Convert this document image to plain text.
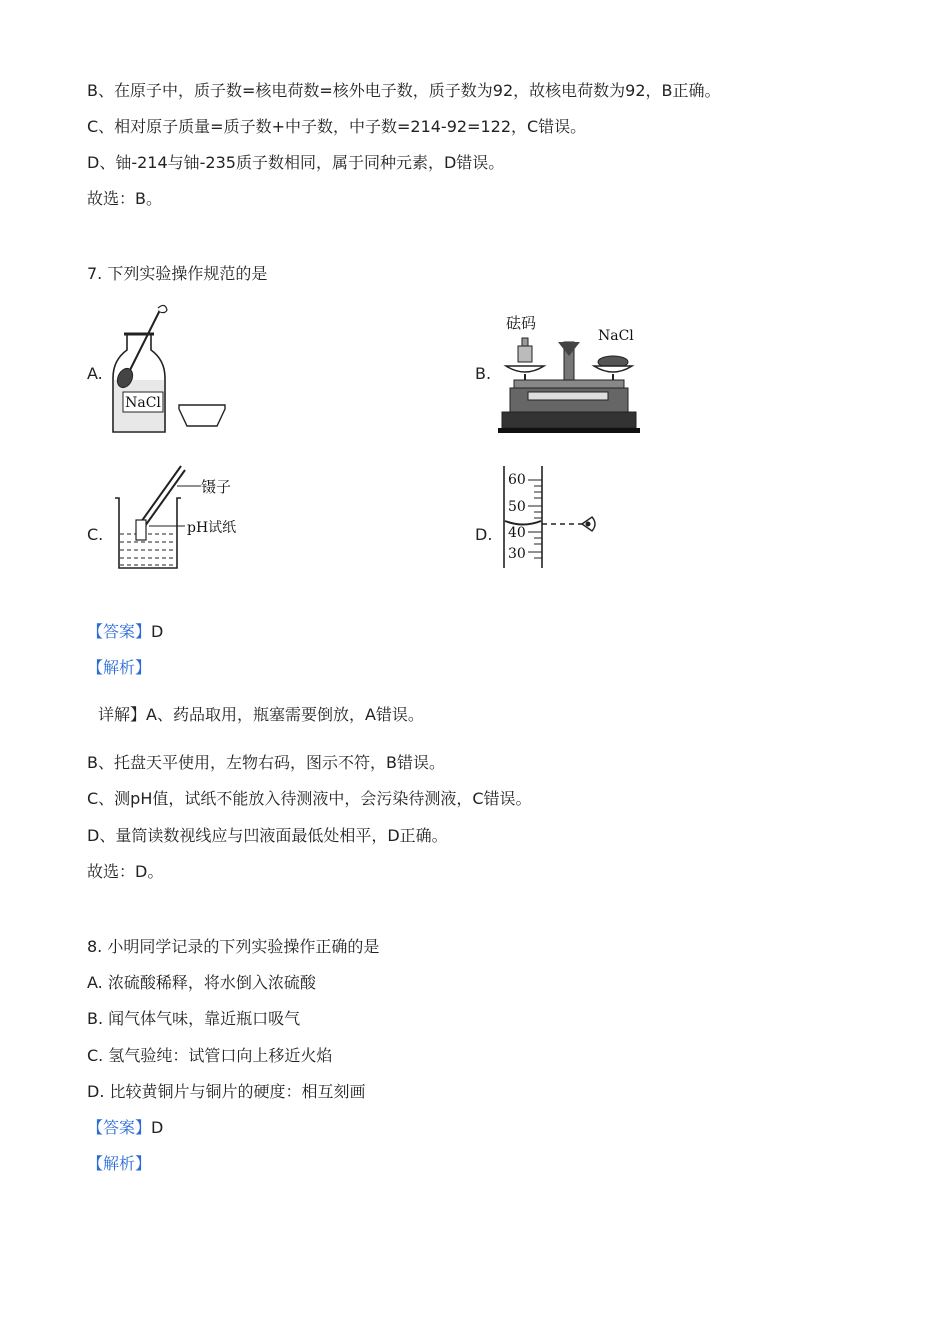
B、在原子中，质子数=核电荷数=核外电子数，质子数为92，故核电荷数为92，B正确。
C、相对原子质量=质子数+中子数，中子数=214-92=122，C错误。
D、铀-214与铀-235质子数相同，属于同种元素，D错误。
故选：B。
7. 下列实验操作规范的是
A.
NaCl
B.
砝码
NaCl
C.
镊子
pH试纸	D.
60
50
40
30
【答案】D
【解析】
详解】A、药品取用，瓶塞需要倒放，A错误。
B、托盘天平使用，左物右码，图示不符，B错误。
C、测pH值，试纸不能放入待测液中，会污染待测液，C错误。
D、量筒读数视线应与凹液面最低处相平，D正确。
故选：D。
8. 小明同学记录的下列实验操作正确的是
A. 浓硫酸稀释，将水倒入浓硫酸
B. 闻气体气味，靠近瓶口吸气
C. 氢气验纯：试管口向上移近火焰
D. 比较黄铜片与铜片的硬度：相互刻画
【答案】D
【解析】
